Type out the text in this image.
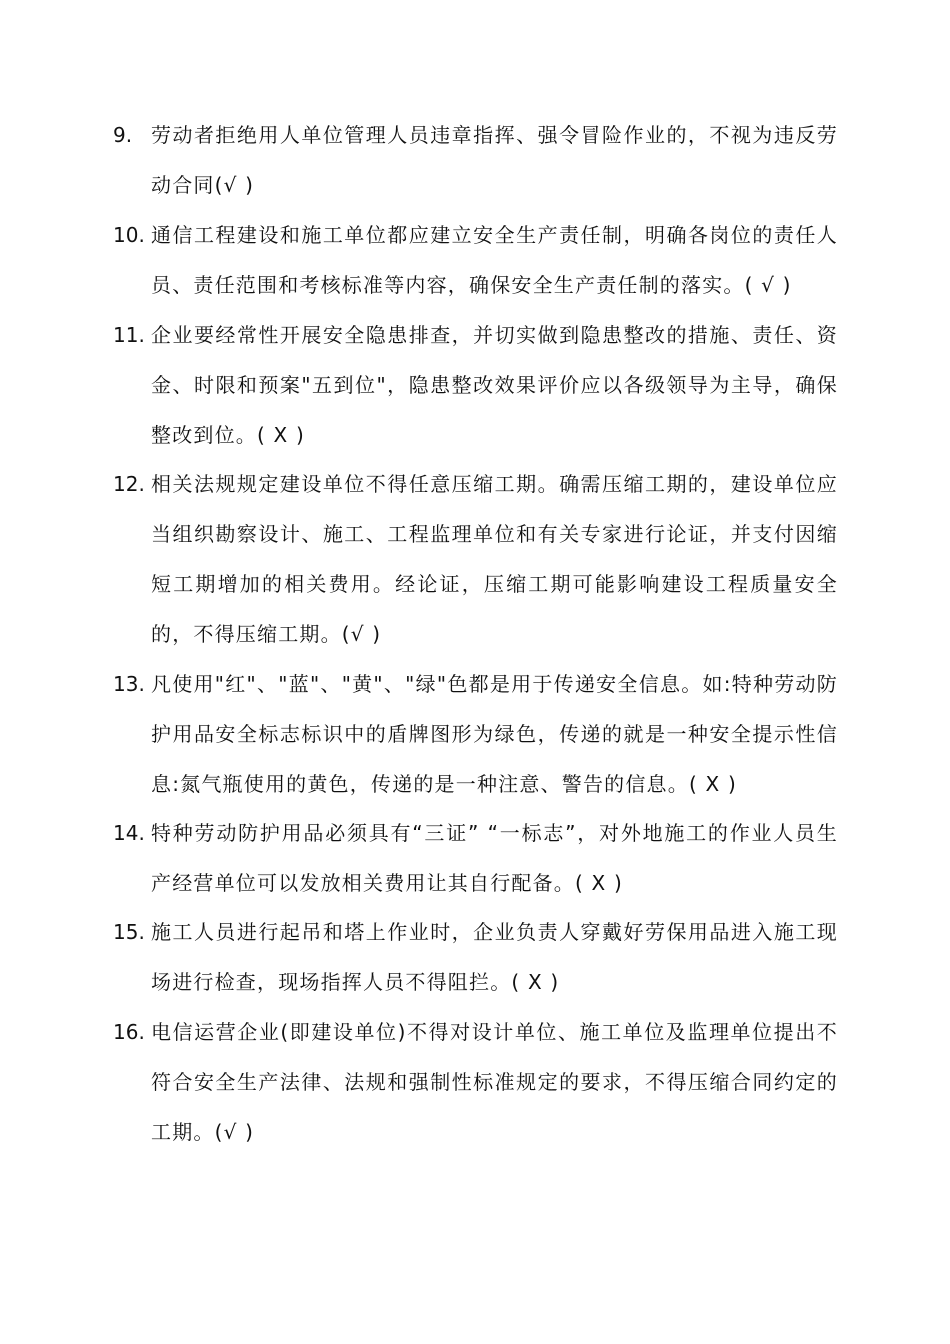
9. 劳动者拒绝用人单位管理人员违章指挥、强令冒险作业的，不视为违反劳动合同(√ )
10. 通信工程建设和施工单位都应建立安全生产责任制，明确各岗位的责任人员、责任范围和考核标准等内容，确保安全生产责任制的落实。( √ )
11. 企业要经常性开展安全隐患排查，并切实做到隐患整改的措施、责任、资金、时限和预案"五到位"，隐患整改效果评价应以各级领导为主导，确保整改到位。( X )
12. 相关法规规定建设单位不得任意压缩工期。确需压缩工期的，建设单位应当组织勘察设计、施工、工程监理单位和有关专家进行论证，并支付因缩短工期增加的相关费用。经论证，压缩工期可能影响建设工程质量安全的，不得压缩工期。(√ )
13. 凡使用"红"、"蓝"、"黄"、"绿"色都是用于传递安全信息。如:特种劳动防护用品安全标志标识中的盾牌图形为绿色，传递的就是一种安全提示性信息:氮气瓶使用的黄色，传递的是一种注意、警告的信息。( X )
14. 特种劳动防护用品必须具有“三证” “一标志”，对外地施工的作业人员生产经营单位可以发放相关费用让其自行配备。( X )
15. 施工人员进行起吊和塔上作业时，企业负责人穿戴好劳保用品进入施工现场进行检查，现场指挥人员不得阻拦。( X )
16. 电信运营企业(即建设单位)不得对设计单位、施工单位及监理单位提出不符合安全生产法律、法规和强制性标准规定的要求，不得压缩合同约定的工期。(√ )
